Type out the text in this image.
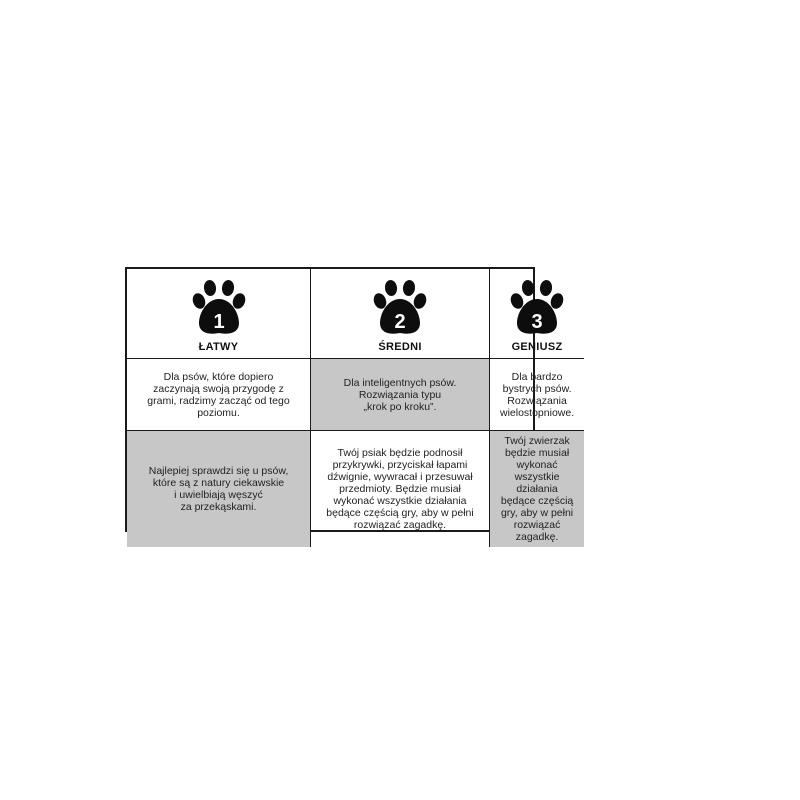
1
ŁATWY
2
ŚREDNI
3
GENIUSZ
Dla psów, które dopiero
zaczynają swoją przygodę z
grami, radzimy zacząć od tego
poziomu.
Dla inteligentnych psów.
Rozwiązania typu
„krok po kroku”.
Dla bardzo bystrych psów.
Rozwiązania wielostopniowe.
Najlepiej sprawdzi się u psów,
które są z natury ciekawskie
i uwielbiają węszyć
za przekąskami.
Twój psiak będzie podnosił
przykrywki, przyciskał łapami
dźwignie, wywracał i przesuwał
przedmioty. Będzie musiał
wykonać wszystkie działania
będące częścią gry, aby w pełni
rozwiązać zagadkę.
Twój zwierzak będzie musiał
wykonać wszystkie działania
będące częścią gry, aby w pełni
rozwiązać zagadkę.
